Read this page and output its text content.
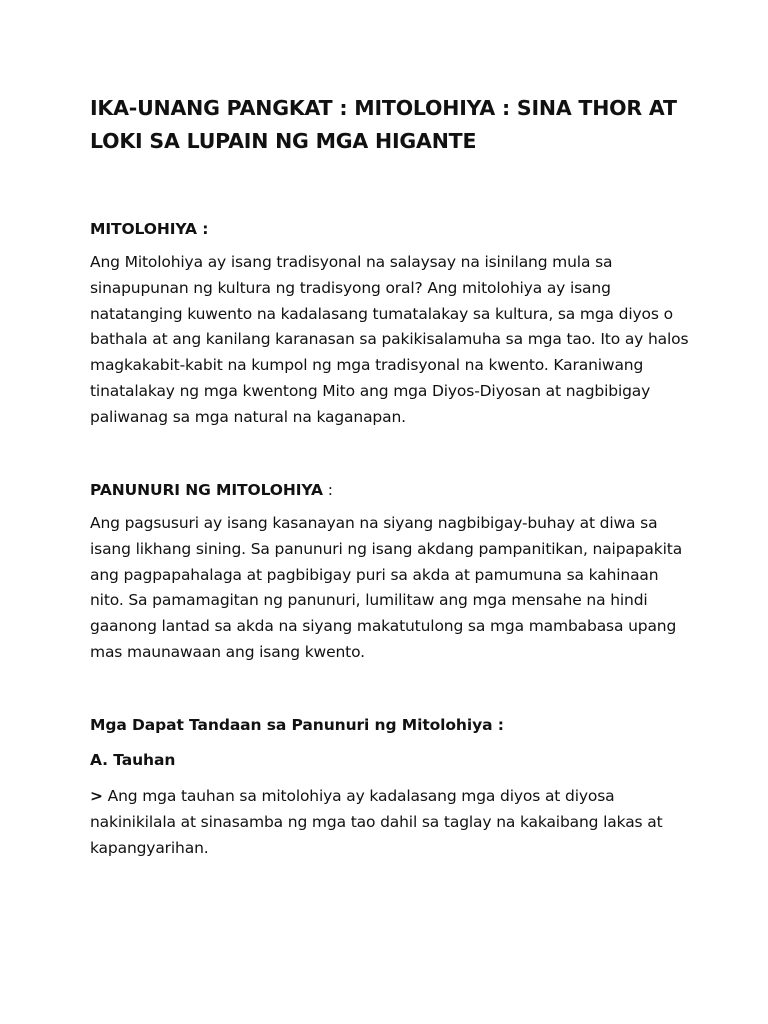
IKA-UNANG PANGKAT : MITOLOHIYA : SINA THOR AT
LOKI SA LUPAIN NG MGA HIGANTE
MITOLOHIYA :

Ang Mitolohiya ay isang tradisyonal na salaysay na isinilang mula sa
sinapupunan ng kultura ng tradisyong oral? Ang mitolohiya ay isang
natatanging kuwento na kadalasang tumatalakay sa kultura, sa mga diyos o
bathala at ang kanilang karanasan sa pakikisalamuha sa mga tao. Ito ay halos
magkakabit-kabit na kumpol ng mga tradisyonal na kwento. Karaniwang
tinatalakay ng mga kwentong Mito ang mga Diyos-Diyosan at nagbibigay
paliwanag sa mga natural na kaganapan.

PANUNURI NG MITOLOHIYA :

Ang pagsusuri ay isang kasanayan na siyang nagbibigay-buhay at diwa sa
isang likhang sining. Sa panunuri ng isang akdang pampanitikan, naipapakita
ang pagpapahalaga at pagbibigay puri sa akda at pamumuna sa kahinaan
nito. Sa pamamagitan ng panunuri, lumilitaw ang mga mensahe na hindi
gaanong lantad sa akda na siyang makatutulong sa mga mambabasa upang
mas maunawaan ang isang kwento.

Mga Dapat Tandaan sa Panunuri ng Mitolohiya :
A. Tauhan

> Ang mga tauhan sa mitolohiya ay kadalasang mga diyos at diyosa
nakinikilala at sinasamba ng mga tao dahil sa taglay na kakaibang lakas at
kapangyarihan.
